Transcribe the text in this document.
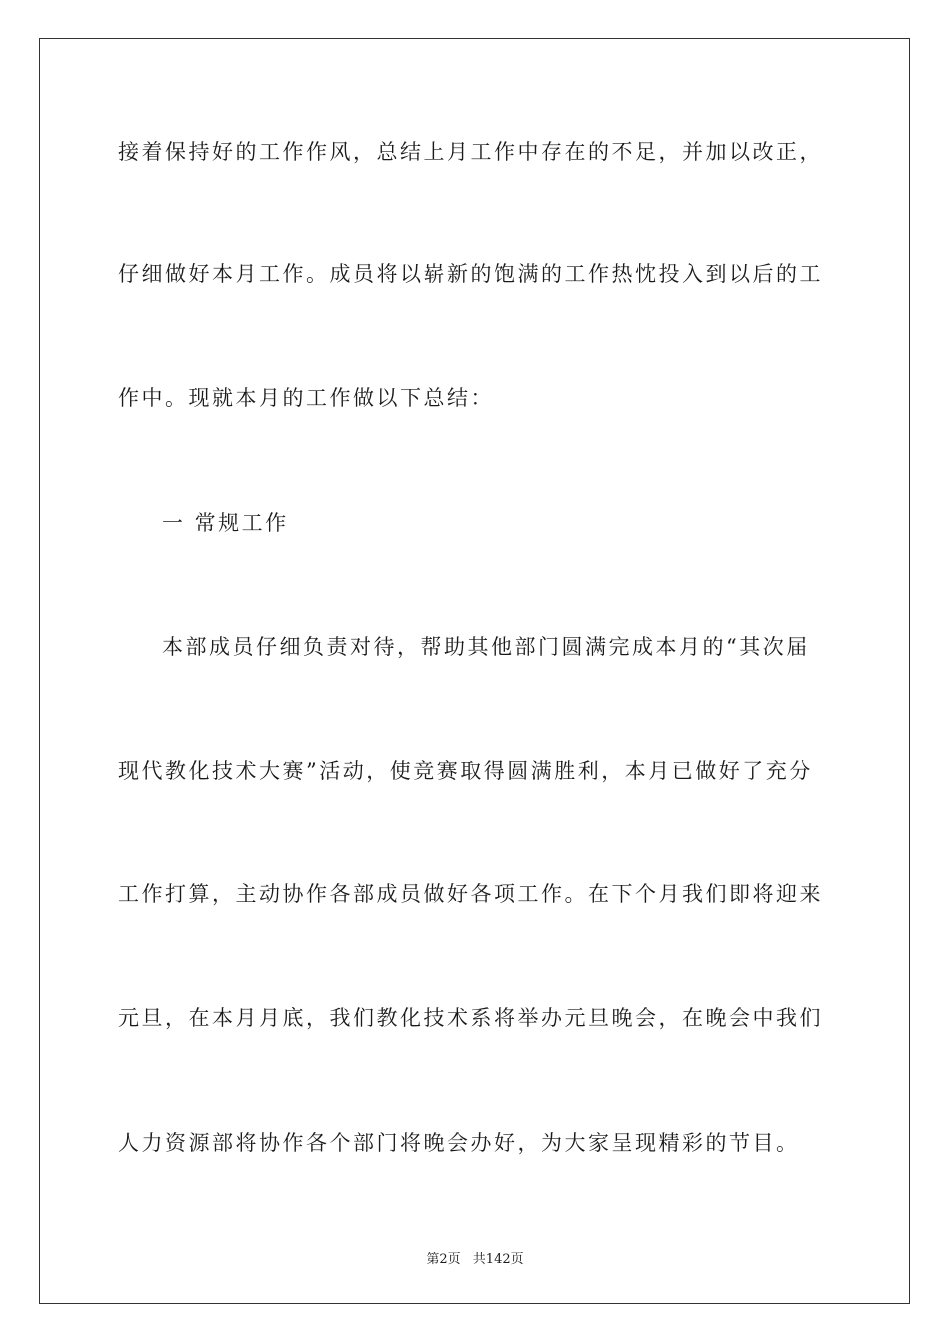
接着保持好的工作作风，总结上月工作中存在的不足，并加以改正，
仔细做好本月工作。成员将以崭新的饱满的工作热忱投入到以后的工
作中。现就本月的工作做以下总结：
一 常规工作
本部成员仔细负责对待，帮助其他部门圆满完成本月的“其次届
现代教化技术大赛”活动，使竞赛取得圆满胜利，本月已做好了充分
工作打算，主动协作各部成员做好各项工作。在下个月我们即将迎来
元旦，在本月月底，我们教化技术系将举办元旦晚会，在晚会中我们
人力资源部将协作各个部门将晚会办好，为大家呈现精彩的节目。
第2页 共142页
